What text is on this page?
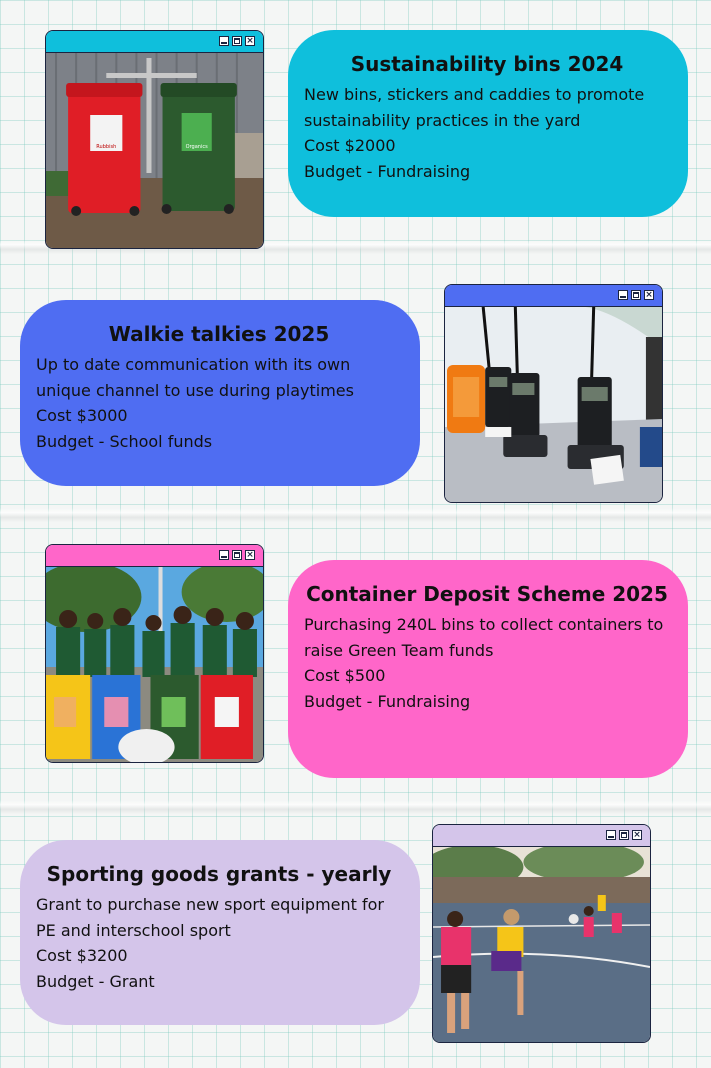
×
Rubbish	Organics
Sustainability bins 2024

New bins, stickers and caddies to promote sustainability practices in the yard

Cost $2000

Budget - Fundraising

Walkie talkies 2025

Up to date communication with its own unique channel to use during playtimes

Cost $3000

Budget - School funds

×
×
Container Deposit Scheme 2025

Purchasing 240L bins to collect containers to raise Green Team funds

Cost $500

Budget - Fundraising

Sporting goods grants - yearly

Grant to purchase new sport equipment for PE and interschool sport

Cost $3200

Budget - Grant

×
